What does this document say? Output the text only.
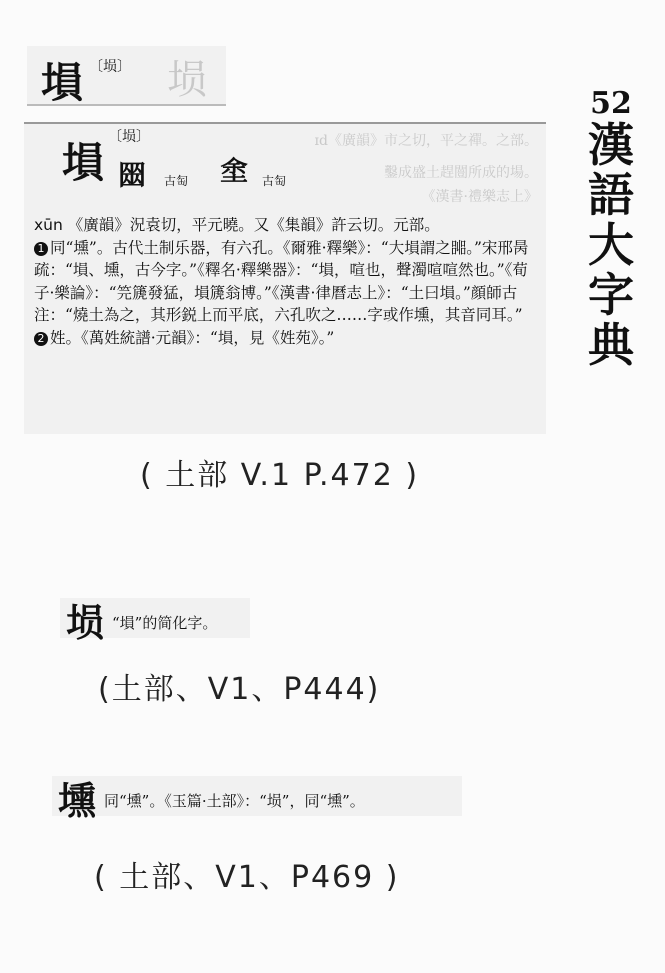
塤 〔埙〕 埙
52
漢
語
大
字
典
ɪd《廣韻》市之切，平之禪。之部。
鑿成盛土趕闓所成的場。
《漢書·禮樂志上》
塤
〔埙〕
𡈍 古匋 𡌆 古匋

xūn 《廣韻》況袁切，平元曉。又《集韻》許云切。元部。

1 同“壎”。古代土制乐器，有六孔。《爾雅·釋樂》：“大塤謂之嘂。”宋邢昺疏：“塤、壎，古今字。”《釋名·釋樂器》：“塤，喧也，聲濁喧喧然也。”《荀子·樂論》：“笎篪發猛，塤篪翁博。”《漢書·律曆志上》：“土曰塤。”顔師古注：“燒土為之，其形鋭上而平底，六孔吹之……字或作壎，其音同耳。”

2 姓。《萬姓統譜·元韻》：“塤，見《姓苑》。”

( 土部 V.1 P.472 )
埙 “塤”的简化字。
(土部、V1、P444)
壎 同“壎”。《玉篇·土部》：“埙”，同“壎”。
( 土部、V1、P469 )
